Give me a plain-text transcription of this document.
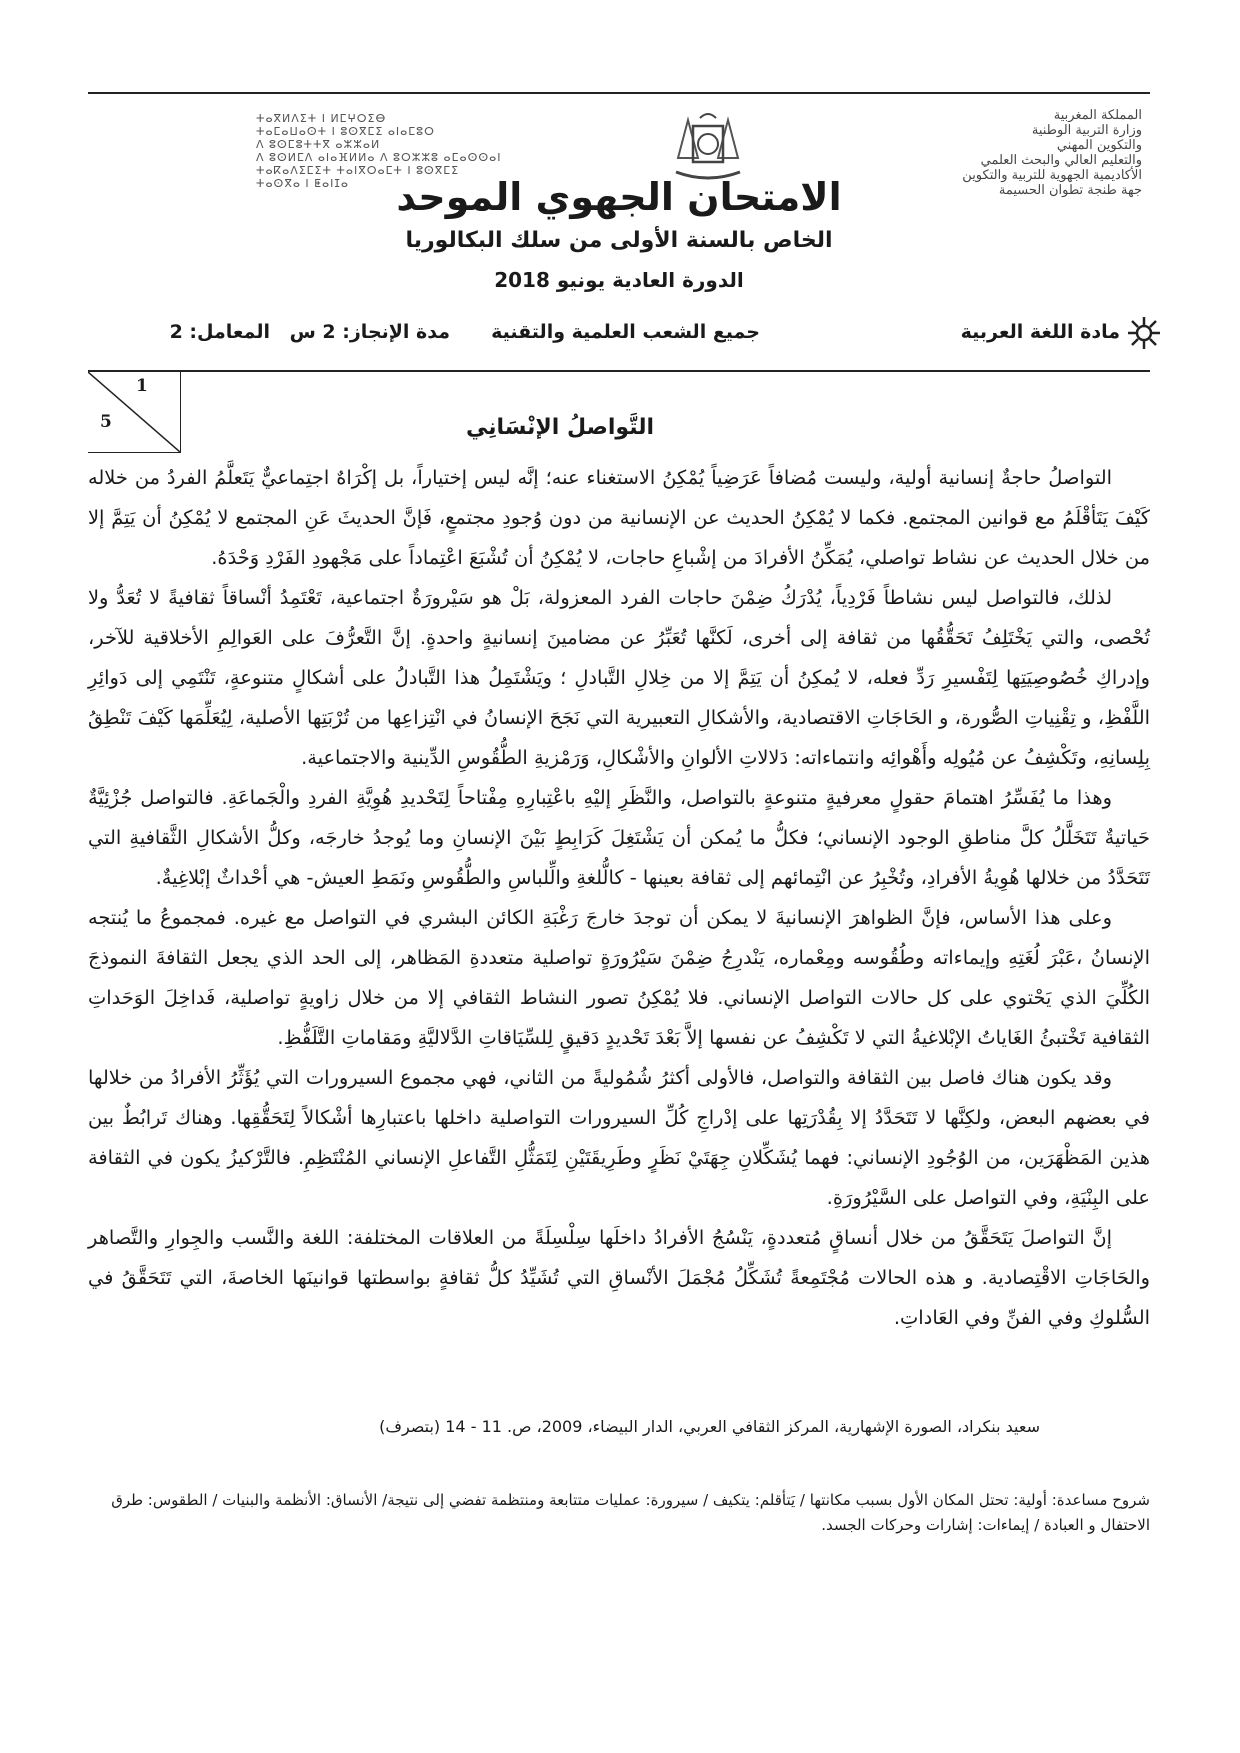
المملكة المغربية
وزارة التربية الوطنية
والتكوين المهني
والتعليم العالي والبحث العلمي
الأكاديمية الجهوية للتربية والتكوين
جهة طنجة تطوان الحسيمة
ⵜⴰⴳⵍⴷⵉⵜ ⵏ ⵍⵎⵖⵔⵉⴱ
ⵜⴰⵎⴰⵡⴰⵙⵜ ⵏ ⵓⵙⴳⵎⵉ ⴰⵏⴰⵎⵓⵔ
ⴷ ⵓⵙⵎⵓⵜⵜⴳ ⴰⵣⵣⴰⵍ
ⴷ ⵓⵙⵍⵎⴷ ⴰⵏⴰⴼⵍⵍⴰ ⴷ ⵓⵔⵣⵣⵓ ⴰⵎⴰⵙⵙⴰⵏ
ⵜⴰⴽⴰⴷⵉⵎⵉⵜ ⵜⴰⵏⴳⵔⴰⵎⵜ ⵏ ⵓⵙⴳⵎⵉ
ⵜⴰⵙⴳⴰ ⵏ ⵟⴰⵏⵊⴰ	الامتحان الجهوي الموحد
الخاص بالسنة الأولى من سلك البكالوريا
الدورة العادية يونيو 2018
مادة اللغة العربية
جميع الشعب العلمية والتقنية
مدة الإنجاز: 2 س
المعامل: 2
1
5	التَّواصلُ الإنْسَانِي

التواصلُ حاجةٌ إنسانية أولية، وليست مُضافاً عَرَضِياً يُمْكِنُ الاستغناء عنه؛ إنَّه ليس إختياراً، بل إكْرَاهٌ اجتِماعيٌّ يَتَعلَّمُ الفردُ من خلاله كَيْفَ يَتَأقْلَمُ مع قوانين المجتمع. فكما لا يُمْكِنُ الحديث عن الإنسانية من دون وُجودِ مجتمعٍ، فَإنَّ الحديثَ عَنِ المجتمع لا يُمْكِنُ أن يَتِمَّ إلا من خلال الحديث عن نشاط تواصلي، يُمَكِّنُ الأفرادَ من إشْباعِ حاجات، لا يُمْكِنُ أن تُشْبَعَ اعْتِماداً على مَجْهودِ الفَرْدِ وَحْدَهُ.

لذلك، فالتواصل ليس نشاطاً فَرْدِياً، يُدْرَكُ ضِمْنَ حاجات الفرد المعزولة، بَلْ هو سَيْرورَةٌ اجتماعية، تَعْتَمِدُ أنْساقاً ثقافيةً لا تُعَدُّ ولا تُحْصى، والتي يَخْتَلِفُ تَحَقُّقُها من ثقافة إلى أخرى، لَكنَّها تُعَبِّرُ عن مضامينَ إنسانيةٍ واحدةٍ. إنَّ التَّعرُّفَ على العَوالِمِ الأخلاقية للآخر، وإدراكِ خُصُوصِيَتِها لِتَفْسيرِ رَدِّ فعله، لا يُمكِنُ أن يَتِمَّ إلا من خِلالِ التَّبادلِ ؛ ويَشْتَمِلُ هذا التَّبادلُ على أشكالٍ متنوعةٍ، تَنْتَمِي إلى دَوائِرِ اللَّفْظِ، و تِقْنِياتِ الصُّورة، و الحَاجَاتِ الاقتصادية، والأشكالِ التعبيرية التي نَجَحَ الإنسانُ في انْتِزاعِها من تُرْبَتِها الأصلية، لِيُعَلِّمَها كَيْفَ تَنْطِقُ بِلِسانِهِ، وتَكْشِفُ عن مُيُولِه وأَهْوائِه وانتماءاته: دَلالاتِ الألوانِ والأشْكالِ، وَرَمْزيةِ الطُّقُوسِ الدِّينية والاجتماعية.

وهذا ما يُفَسِّرُ اهتمامَ حقولٍ معرفيةٍ متنوعةٍ بالتواصل، والنَّظَرِ إليْهِ باعْتِبارِهِ مِفْتاحاً لِتَحْديدِ هُوِيَّةِ الفردِ والْجَماعَةِ. فالتواصل جُزْئِيَّةٌ حَياتيةٌ تَتَخَلَّلُ كلَّ مناطقِ الوجود الإنساني؛ فكلُّ ما يُمكن أن يَشْتَغِلَ كَرَابِطٍ بَيْنَ الإنسانِ وما يُوجدُ خارجَه، وكلُّ الأشكالِ الثَّقافيةِ التي تَتَحَدَّدُ من خلالها هُوِيةُ الأفرادِ، وتُخْبِرُ عن انْتِمائهم إلى ثقافة بعينها - كالُّلغةِ والِّلباسِ والطُّقُوسِ ونَمَطِ العيش- هي أحْداثٌ إبْلاغِيةٌ.

وعلى هذا الأساس، فإنَّ الظواهرَ الإنسانيةَ لا يمكن أن توجدَ خارجَ رَغْبَةِ الكائن البشري في التواصل مع غيره. فمجموعُ ما يُنتجه الإنسانُ ،عَبْرَ لُغَتِهِ وإيماءاته وطُقُوسه ومِعْماره، يَنْدرِجُ ضِمْنَ سَيْرُورَةٍ تواصلية متعددةِ المَظاهر، إلى الحد الذي يجعل الثقافةَ النموذجَ الكُلِّيَ الذي يَحْتوي على كل حالات التواصل الإنساني. فلا يُمْكِنُ تصور النشاط الثقافي إلا من خلال زاويةٍ تواصلية، فَداخِلَ الوَحَداتِ الثقافية تَخْتبئُ الغَاياتُ الإبْلاغيةُ التي لا تَكْشِفُ عن نفسها إلاَّ بَعْدَ تَحْديدٍ دَقيقٍ لِلسِّيَاقاتِ الدَّلاليَّةِ ومَقاماتِ التَّلَفُّظِ.

وقد يكون هناك فاصل بين الثقافة والتواصل، فالأولى أكثرُ شُمُوليةً من الثاني، فهي مجموع السيرورات التي يُؤَثِّرُ الأفرادُ من خلالها في بعضهم البعض، ولكِنَّها لا تَتَحَدَّدُ إلا بِقُدْرَتِها على إدْراجِ كُلِّ السيرورات التواصلية داخلها باعتبارِها أشْكالاً لِتَحَقُّقِها. وهناك تَرابُطٌ بين هذين المَظْهَرَين، من الوُجُودِ الإنساني: فهما يُشَكِّلانِ جِهَتَيْ نَظَرٍ وطَرِيقَتَيْنِ لِتَمَثُّلِ التَّفاعلِ الإنساني المُنْتَظِمِ. فالتَّرْكيزُ يكون في الثقافة على البِنْيَةِ، وفي التواصل على السَّيْرُورَةِ.

إنَّ التواصلَ يَتَحَقَّقُ من خلال أنساقٍ مُتعددةٍ، يَنْسُجُ الأفرادُ داخلَها سِلْسِلَةً من العلاقات المختلفة: اللغة والنَّسب والجِوارِ والتَّصاهر والحَاجَاتِ الاقْتِصادية. و هذه الحالات مُجْتَمِعةً تُشَكِّلُ مُجْمَلَ الأنْساقِ التي تُشَيِّدُ كلُّ ثقافةٍ بواسطتها قوانينَها الخاصةَ، التي تَتَحَقَّقُ في السُّلوكِ وفي الفنِّ وفي العَاداتِ.

سعيد بنكراد، الصورة الإشهارية، المركز الثقافي العربي، الدار البيضاء، 2009، ص. 11 - 14 (بتصرف)
شروح مساعدة: أولية: تحتل المكان الأول بسبب مكانتها / يَتأقلم: يتكيف / سيرورة: عمليات متتابعة ومنتظمة تفضي إلى نتيجة/ الأنساق: الأنظمة والبنيات / الطقوس: طرق الاحتفال و العبادة / إيماءات: إشارات وحركات الجسد.
